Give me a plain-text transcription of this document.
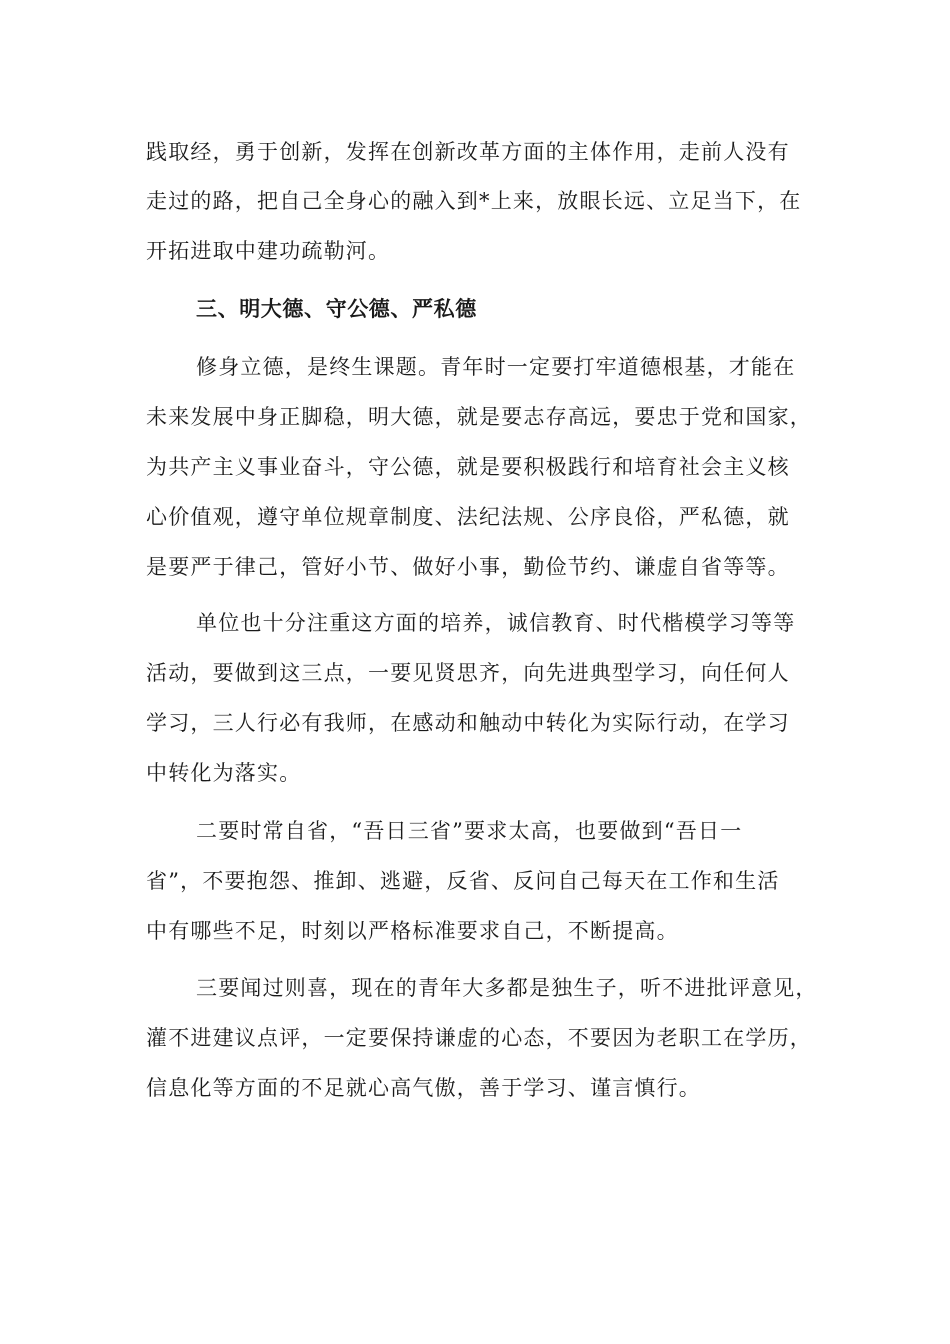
践取经，勇于创新，发挥在创新改革方面的主体作用，走前人没有
走过的路，把自己全身心的融入到*上来，放眼长远、立足当下，在
开拓进取中建功疏勒河。
三、明大德、守公德、严私德
修身立德，是终生课题。青年时一定要打牢道德根基，才能在
未来发展中身正脚稳，明大德，就是要志存高远，要忠于党和国家，
为共产主义事业奋斗，守公德，就是要积极践行和培育社会主义核
心价值观，遵守单位规章制度、法纪法规、公序良俗，严私德，就
是要严于律己，管好小节、做好小事，勤俭节约、谦虚自省等等。
单位也十分注重这方面的培养，诚信教育、时代楷模学习等等
活动，要做到这三点，一要见贤思齐，向先进典型学习，向任何人
学习，三人行必有我师，在感动和触动中转化为实际行动，在学习
中转化为落实。
二要时常自省，“吾日三省”要求太高，也要做到“吾日一
省”，不要抱怨、推卸、逃避，反省、反问自己每天在工作和生活
中有哪些不足，时刻以严格标准要求自己，不断提高。
三要闻过则喜，现在的青年大多都是独生子，听不进批评意见，
灌不进建议点评，一定要保持谦虚的心态，不要因为老职工在学历，
信息化等方面的不足就心高气傲，善于学习、谨言慎行。
